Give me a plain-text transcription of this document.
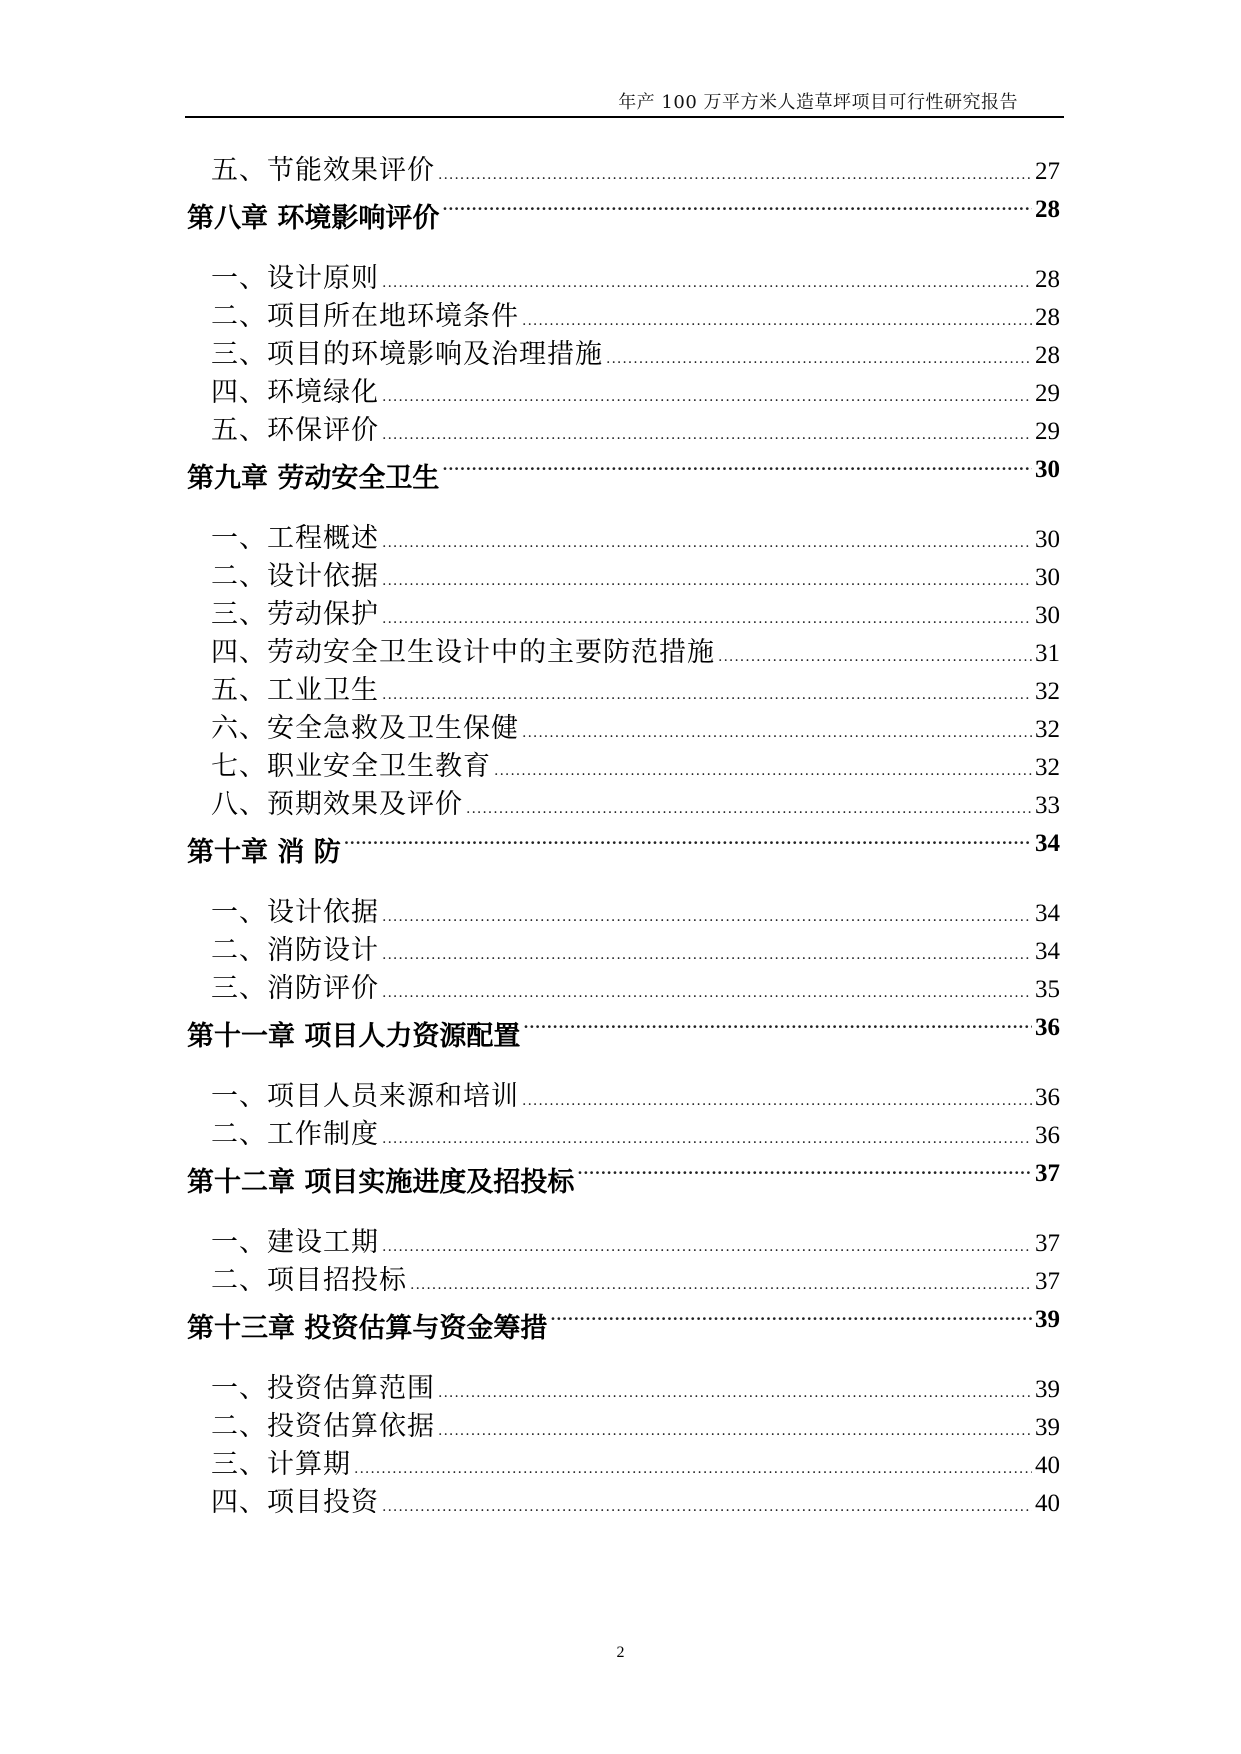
年产 100 万平方米人造草坪项目可行性研究报告
五、节能效果评价 .....	27
第八章 环境影响评价 .....	28
一、设计原则 .....	28
二、项目所在地环境条件 .....	28
三、项目的环境影响及治理措施 .....	28
四、环境绿化 .....	29
五、环保评价 .....	29
第九章 劳动安全卫生 .....	30
一、工程概述 .....	30
二、设计依据 .....	30
三、劳动保护 .....	30
四、劳动安全卫生设计中的主要防范措施 .....	31
五、工业卫生 .....	32
六、安全急救及卫生保健 .....	32
七、职业安全卫生教育 .....	32
八、预期效果及评价 .....	33
第十章 消 防 .....	34
一、设计依据 .....	34
二、消防设计 .....	34
三、消防评价 .....	35
第十一章 项目人力资源配置 .....	36
一、项目人员来源和培训 .....	36
二、工作制度 .....	36
第十二章 项目实施进度及招投标 .....	37
一、建设工期 .....	37
二、项目招投标 .....	37
第十三章 投资估算与资金筹措 .....	39
一、投资估算范围 .....	39
二、投资估算依据 .....	39
三、计算期 .....	40
四、项目投资 .....	40
2
